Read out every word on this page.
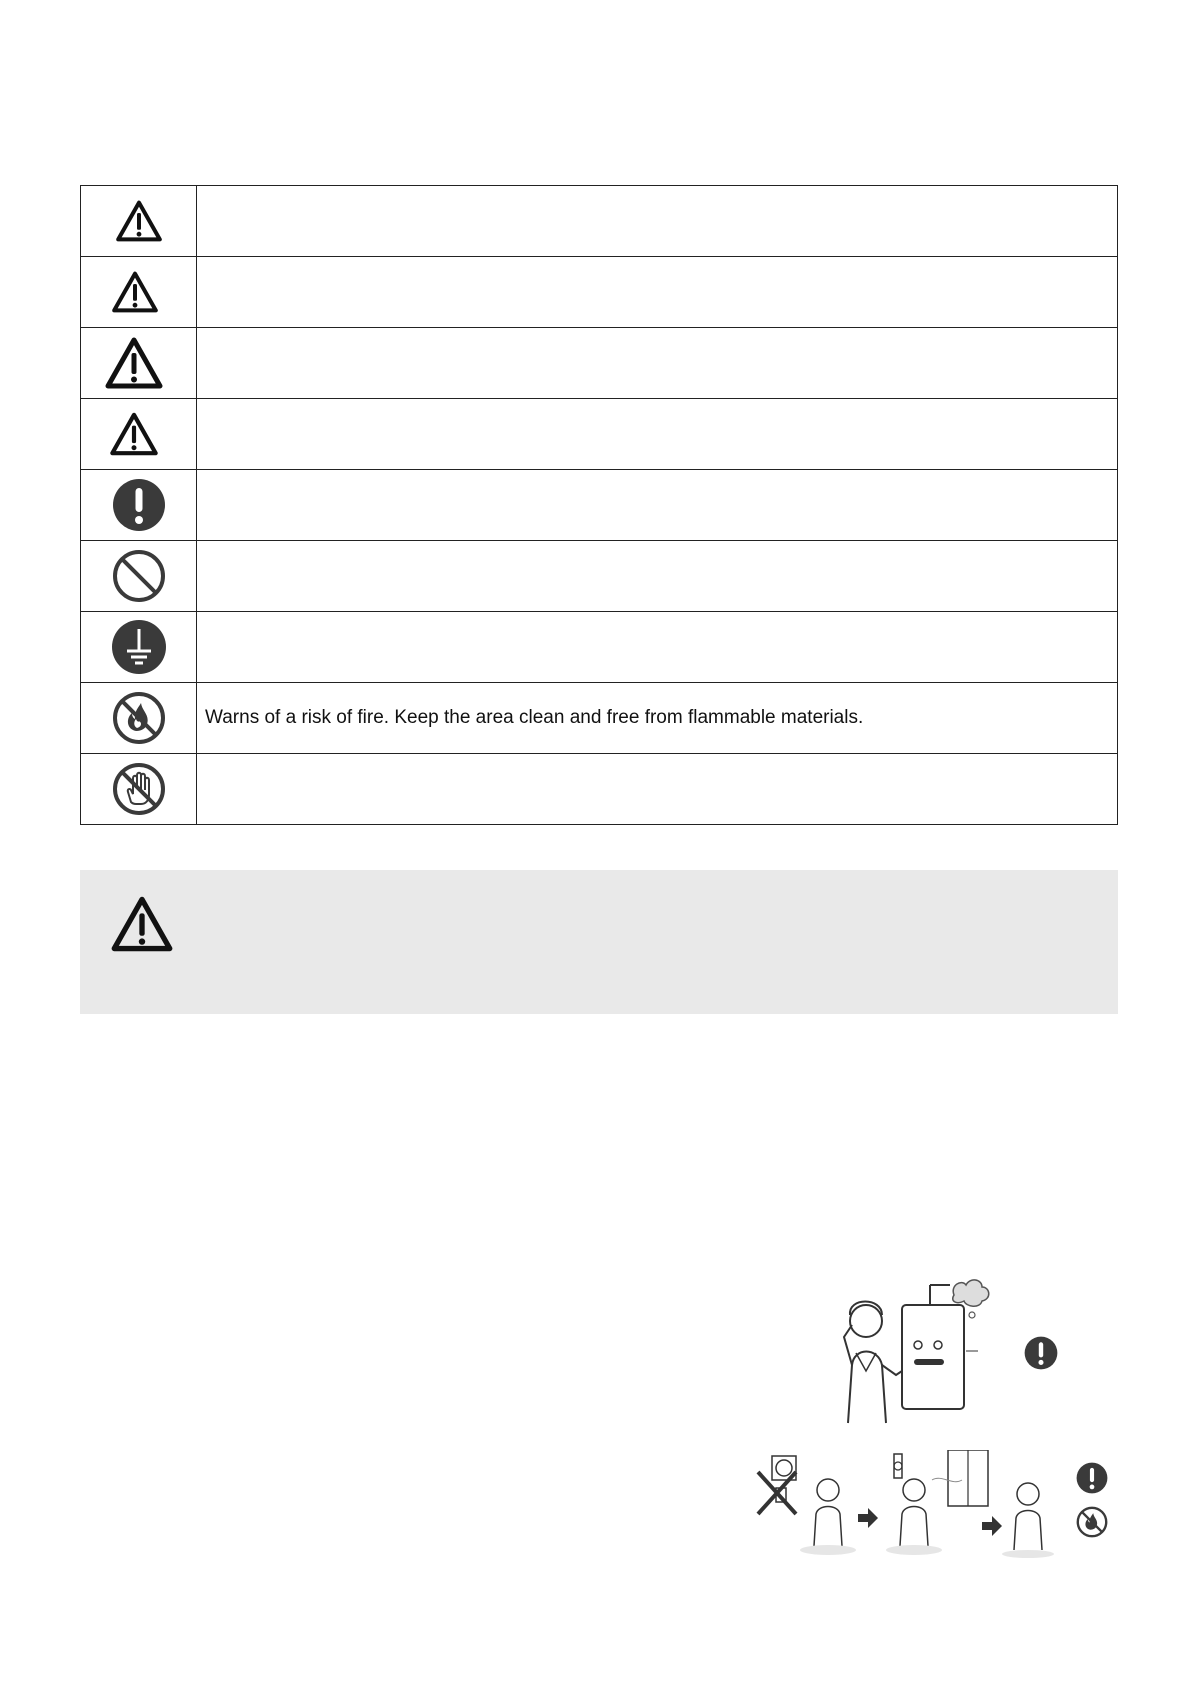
	Warns of a risk of fire. Keep the area clean and free from flammable materials.
